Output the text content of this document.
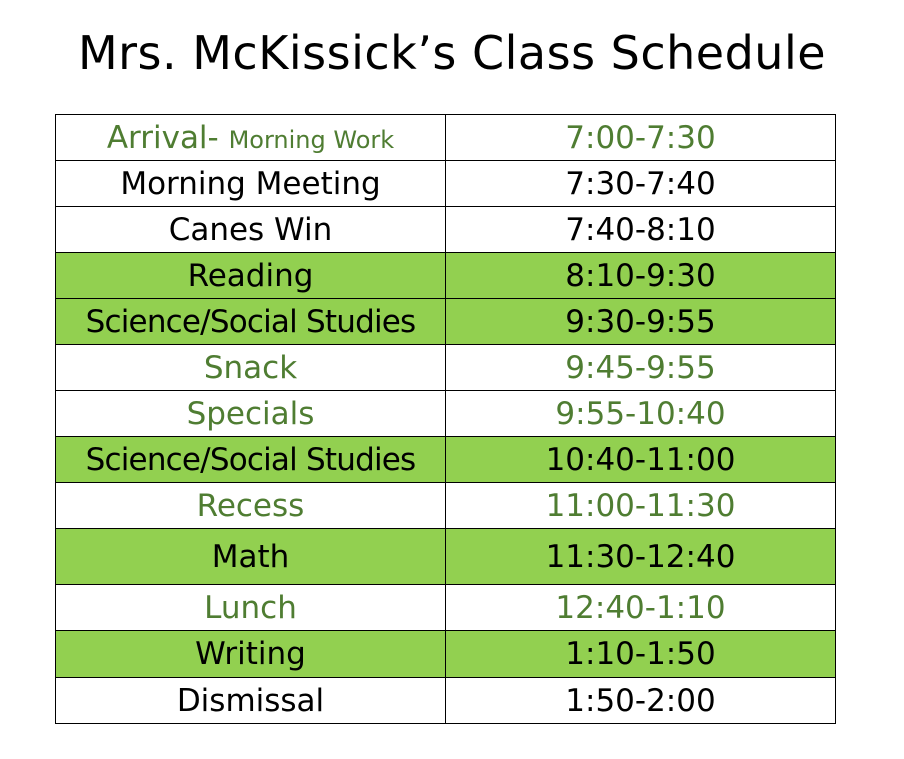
Mrs. McKissick’s Class Schedule
Arrival- Morning Work	7:00-7:30
Morning Meeting	7:30-7:40
Canes Win	7:40-8:10
Reading	8:10-9:30
Science/Social Studies	9:30-9:55
Snack	9:45-9:55
Specials	9:55-10:40
Science/Social Studies	10:40-11:00
Recess	11:00-11:30
Math	11:30-12:40
Lunch	12:40-1:10
Writing	1:10-1:50
Dismissal	1:50-2:00
